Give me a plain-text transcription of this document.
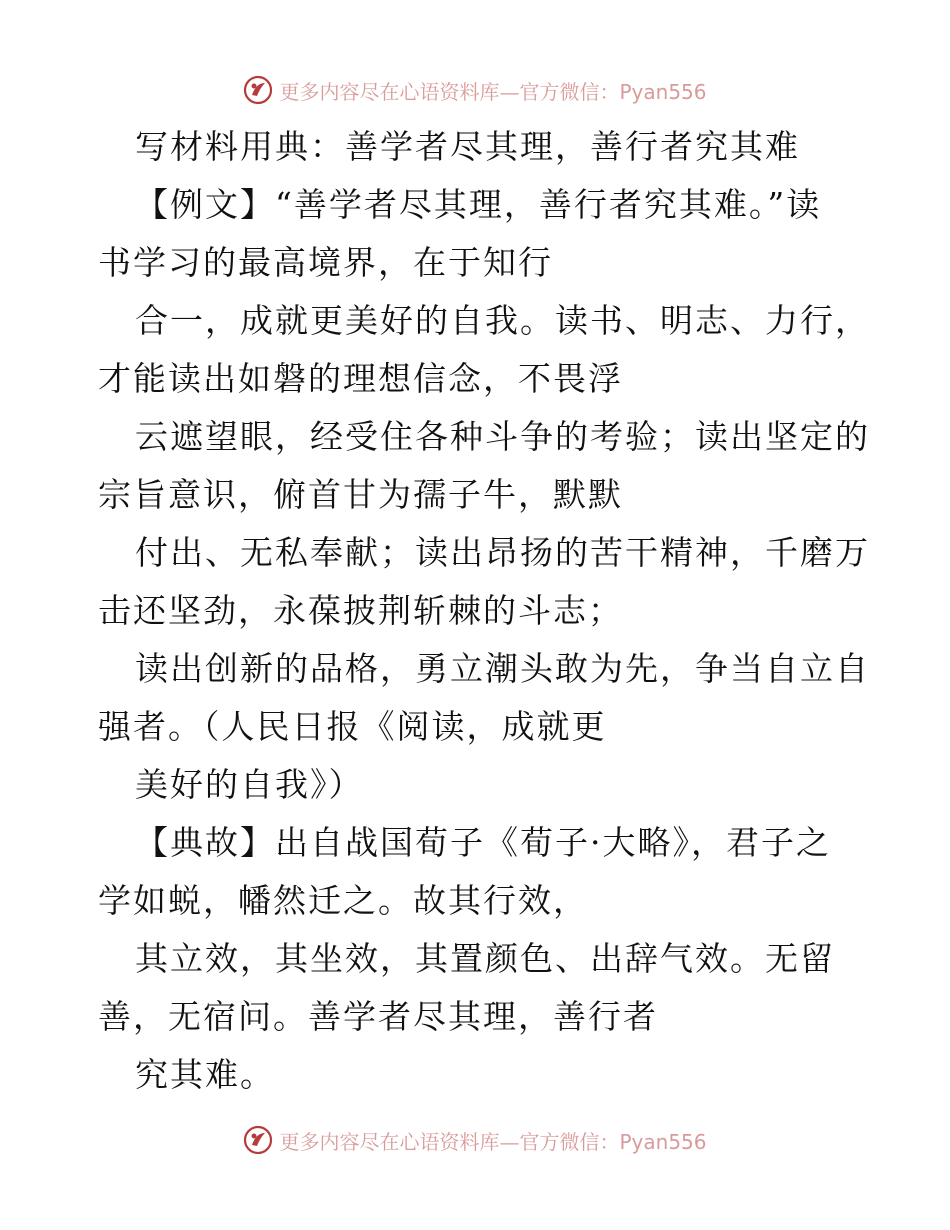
更多内容尽在心语资料库—官方微信：Pyan556
写材料用典：善学者尽其理，善行者究其难
【例文】“善学者尽其理，善行者究其难。”读
书学习的最高境界，在于知行
合一，成就更美好的自我。读书、明志、力行，
才能读出如磐的理想信念，不畏浮
云遮望眼，经受住各种斗争的考验；读出坚定的
宗旨意识，俯首甘为孺子牛，默默
付出、无私奉献；读出昂扬的苦干精神，千磨万
击还坚劲，永葆披荆斩棘的斗志；
读出创新的品格，勇立潮头敢为先，争当自立自
强者。（人民日报《阅读，成就更
美好的自我》）
【典故】出自战国荀子《荀子·大略》，君子之
学如蜕，幡然迁之。故其行效，
其立效，其坐效，其置颜色、出辞气效。无留
善，无宿问。善学者尽其理，善行者
究其难。
更多内容尽在心语资料库—官方微信：Pyan556
